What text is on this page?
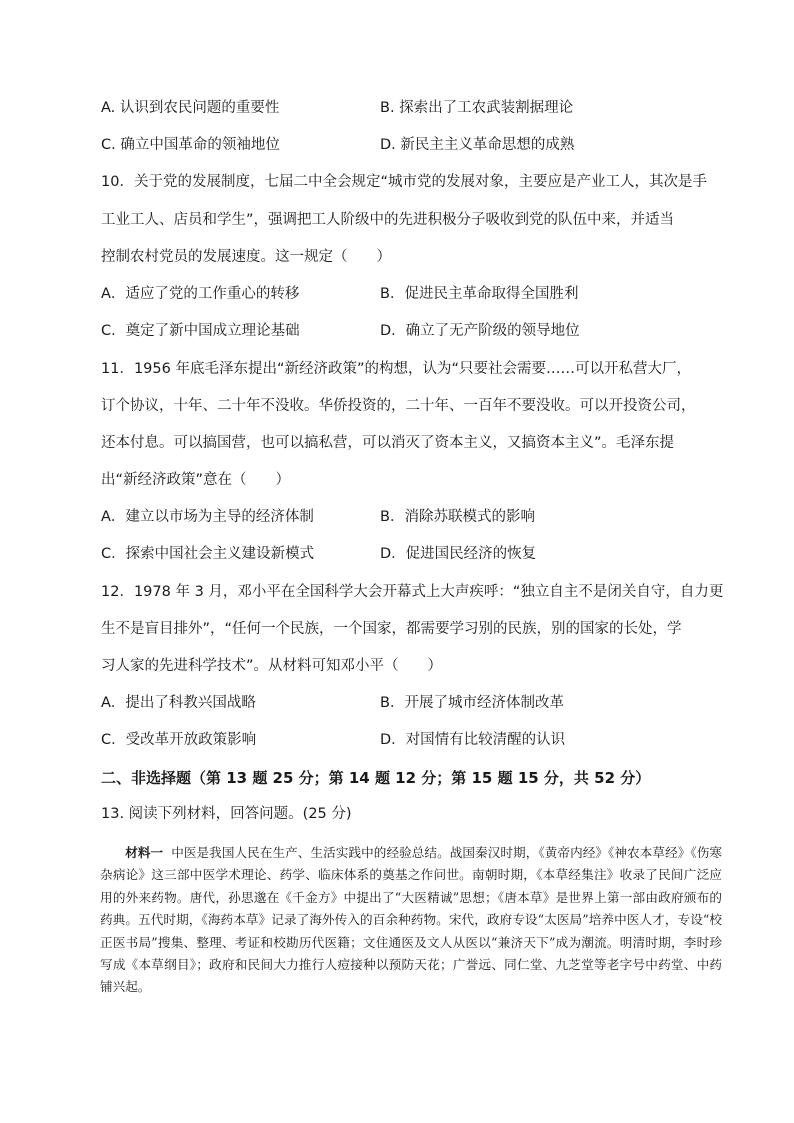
A. 认识到农民问题的重要性	B. 探索出了工农武装割据理论
C. 确立中国革命的领袖地位	D. 新民主主义革命思想的成熟
10．关于党的发展制度，七届二中全会规定“城市党的发展对象，主要应是产业工人，其次是手
工业工人、店员和学生”，强调把工人阶级中的先进积极分子吸收到党的队伍中来，并适当
控制农村党员的发展速度。这一规定（　　）
A．适应了党的工作重心的转移	B．促进民主革命取得全国胜利
C．奠定了新中国成立理论基础	D．确立了无产阶级的领导地位
11．1956 年底毛泽东提出“新经济政策”的构想，认为“只要社会需要……可以开私营大厂，
订个协议，十年、二十年不没收。华侨投资的，二十年、一百年不要没收。可以开投资公司，
还本付息。可以搞国营，也可以搞私营，可以消灭了资本主义，又搞资本主义”。毛泽东提
出“新经济政策”意在（　　）
A．建立以市场为主导的经济体制	B．消除苏联模式的影响
C．探索中国社会主义建设新模式	D．促进国民经济的恢复
12．1978 年 3 月，邓小平在全国科学大会开幕式上大声疾呼：“独立自主不是闭关自守，自力更
生不是盲目排外”，“任何一个民族，一个国家，都需要学习别的民族，别的国家的长处，学
习人家的先进科学技术”。从材料可知邓小平（　　）
A．提出了科教兴国战略	B．开展了城市经济体制改革
C．受改革开放政策影响	D．对国情有比较清醒的认识
二、非选择题（第 13 题 25 分；第 14 题 12 分；第 15 题 15 分，共 52 分）
13. 阅读下列材料，回答问题。(25 分)
材料一 中医是我国人民在生产、生活实践中的经验总结。战国秦汉时期，《黄帝内经》《神农本草经》《伤寒杂病论》这三部中医学术理论、药学、临床体系的奠基之作问世。南朝时期，《本草经集注》收录了民间广泛应用的外来药物。唐代，孙思邈在《千金方》中提出了“大医精诚”思想；《唐本草》是世界上第一部由政府颁布的药典。五代时期，《海药本草》记录了海外传入的百余种药物。宋代，政府专设“太医局”培养中医人才，专设“校正医书局”搜集、整理、考证和校勘历代医籍；文住通医及文人从医以“兼济天下”成为潮流。明清时期，李时珍写成《本草纲目》；政府和民间大力推行人痘接种以预防天花；广誉远、同仁堂、九芝堂等老字号中药堂、中药铺兴起。
